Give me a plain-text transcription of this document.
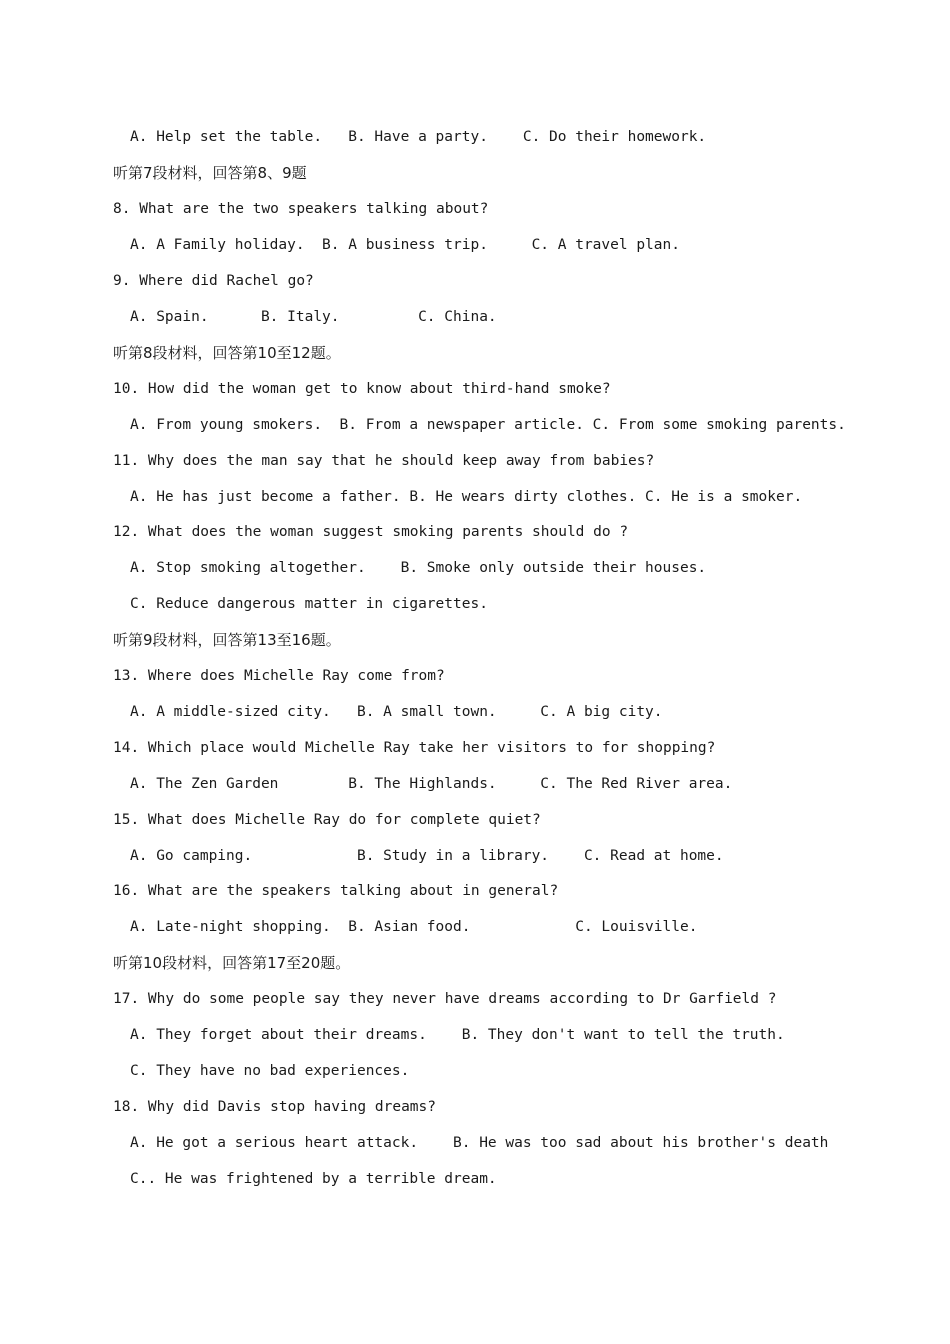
A. Help set the table.   B. Have a party.    C. Do their homework.
听第7段材料，回答第8、9题
8. What are the two speakers talking about?
A. A Family holiday.  B. A business trip.     C. A travel plan.
9. Where did Rachel go?
A. Spain.      B. Italy.         C. China.
听第8段材料，回答第10至12题。
10. How did the woman get to know about third-hand smoke?
A. From young smokers.  B. From a newspaper article. C. From some smoking parents.
11. Why does the man say that he should keep away from babies?
A. He has just become a father. B. He wears dirty clothes. C. He is a smoker.
12. What does the woman suggest smoking parents should do ?
A. Stop smoking altogether.    B. Smoke only outside their houses.
C. Reduce dangerous matter in cigarettes.
听第9段材料，回答第13至16题。
13. Where does Michelle Ray come from?
A. A middle-sized city.   B. A small town.     C. A big city.
14. Which place would Michelle Ray take her visitors to for shopping?
A. The Zen Garden        B. The Highlands.     C. The Red River area.
15. What does Michelle Ray do for complete quiet?
A. Go camping.            B. Study in a library.    C. Read at home.
16. What are the speakers talking about in general?
A. Late-night shopping.  B. Asian food.            C. Louisville.
听第10段材料，回答第17至20题。
17. Why do some people say they never have dreams according to Dr Garfield ?
A. They forget about their dreams.    B. They don't want to tell the truth.
C. They have no bad experiences.
18. Why did Davis stop having dreams?
A. He got a serious heart attack.    B. He was too sad about his brother's death
C.. He was frightened by a terrible dream.
